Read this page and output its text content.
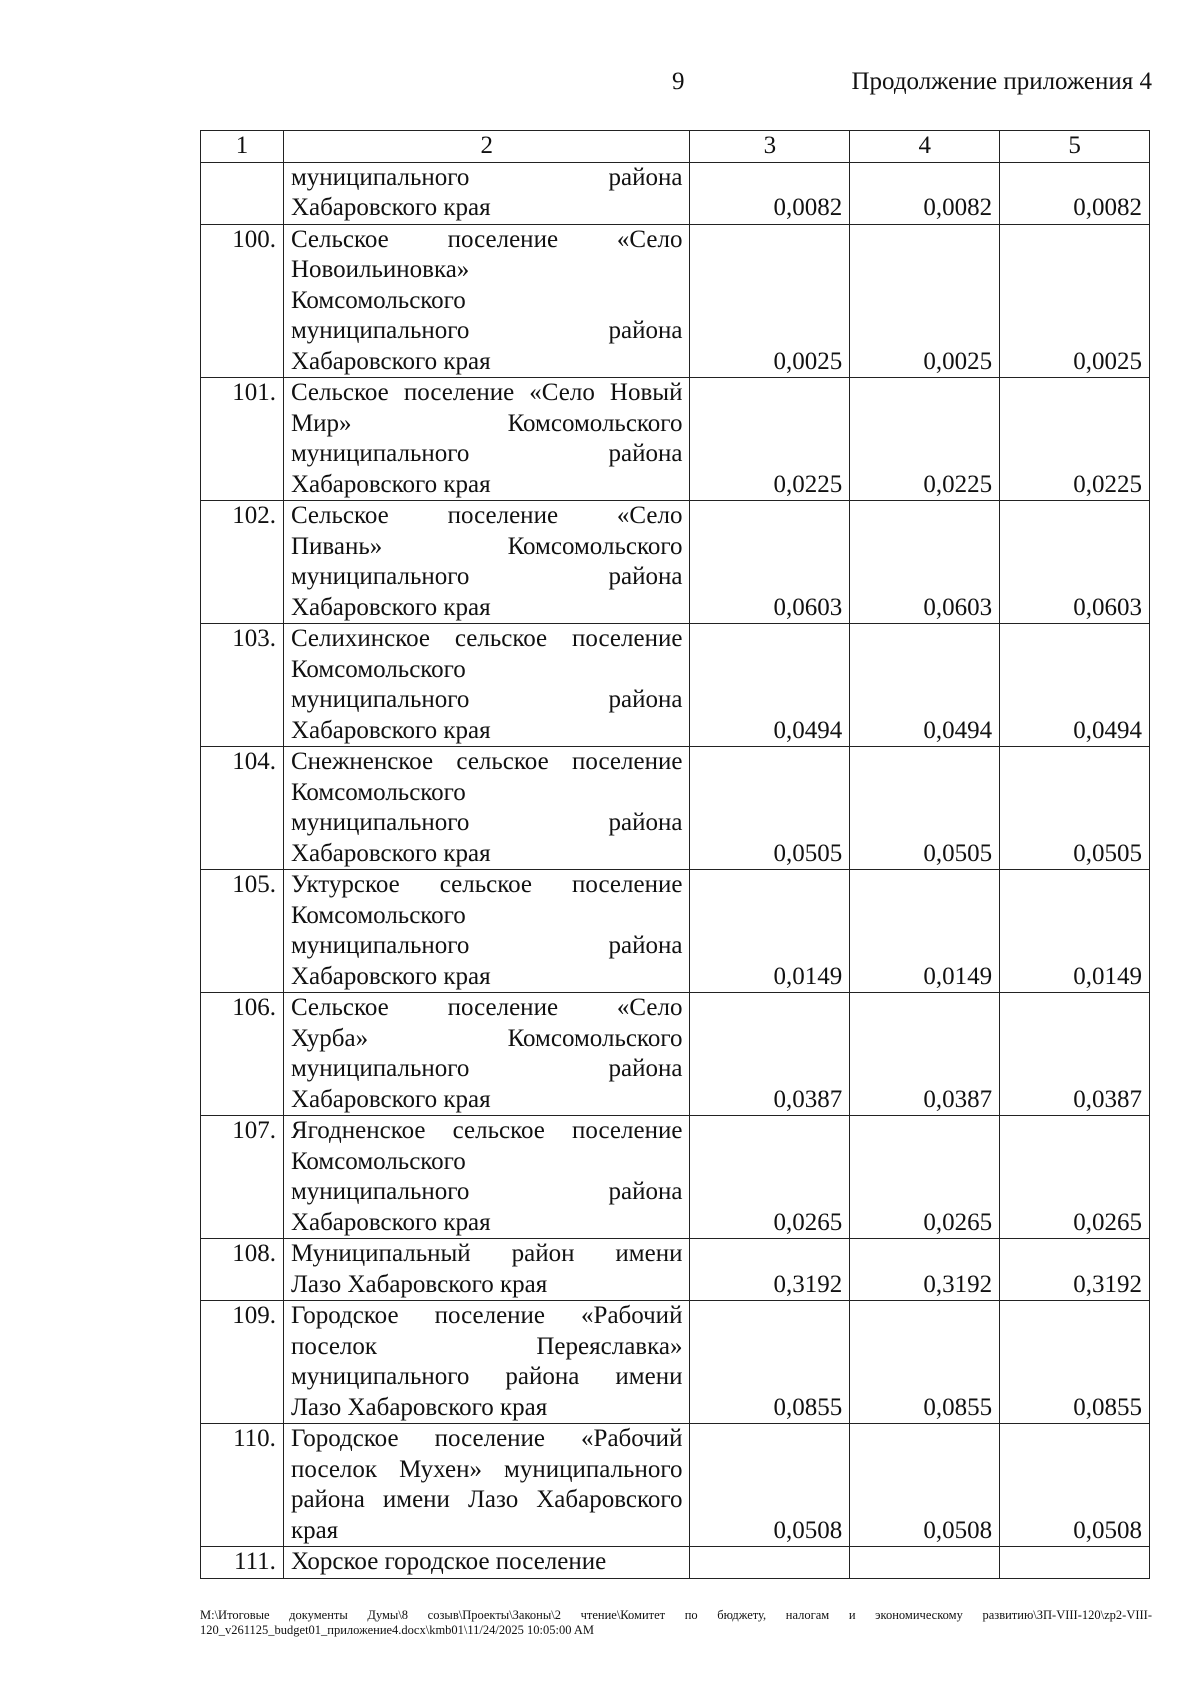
9	Продолжение приложения 4
1	2	3	4	5

	муниципального района
Хабаровского края	0,0082	0,0082	0,0082
100.	Сельское поселение «Село
Новоильиновка»
Комсомольского
муниципального района
Хабаровского края	0,0025	0,0025	0,0025
101.	Сельское поселение «Село Новый
Мир» Комсомольского
муниципального района
Хабаровского края	0,0225	0,0225	0,0225
102.	Сельское поселение «Село
Пивань» Комсомольского
муниципального района
Хабаровского края	0,0603	0,0603	0,0603
103.	Селихинское сельское поселение
Комсомольского
муниципального района
Хабаровского края	0,0494	0,0494	0,0494
104.	Снежненское сельское поселение
Комсомольского
муниципального района
Хабаровского края	0,0505	0,0505	0,0505
105.	Уктурское сельское поселение
Комсомольского
муниципального района
Хабаровского края	0,0149	0,0149	0,0149
106.	Сельское поселение «Село
Хурба» Комсомольского
муниципального района
Хабаровского края	0,0387	0,0387	0,0387
107.	Ягодненское сельское поселение
Комсомольского
муниципального района
Хабаровского края	0,0265	0,0265	0,0265
108.	Муниципальный район имени
Лазо Хабаровского края	0,3192	0,3192	0,3192
109.	Городское поселение «Рабочий
поселок Переяславка»
муниципального района имени
Лазо Хабаровского края	0,0855	0,0855	0,0855
110.	Городское поселение «Рабочий
поселок Мухен» муниципального
района имени Лазо Хабаровского
края	0,0508	0,0508	0,0508
111.	Хорское городское поселение			

M:\Итоговые документы Думы\8 созыв\Проекты\Законы\2 чтение\Комитет по бюджету, налогам и экономическому развитию\ЗП-VIII-120\zp2-VIII-120_v261125_budget01_приложение4.docx\kmb01\11/24/2025 10:05:00 AM
